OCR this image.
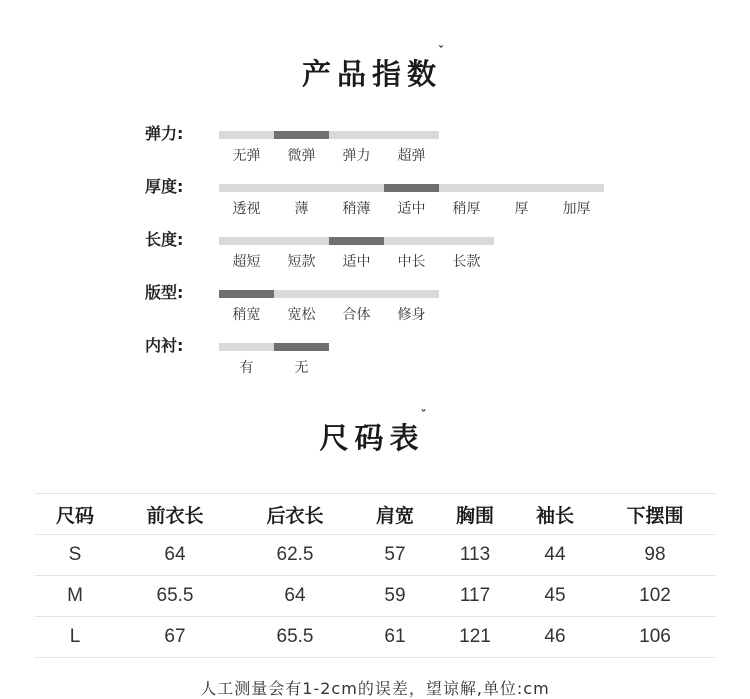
产品指数$^ˇ$
弹力:
无弹	微弹	弹力	超弹
厚度:
透视	薄	稍薄	适中	稍厚	厚	加厚
长度:
超短	短款	适中	中长	长款
版型:
稍宽	宽松	合体	修身
内衬:
有	无
尺码表$^ˇ$
尺码	前衣长	后衣长	肩宽	胸围	袖长	下摆围
S	64	62.5	57	113	44	98
M	65.5	64	59	117	45	102
L	67	65.5	61	121	46	106
人工测量会有1-2cm的误差，望谅解,单位:cm
